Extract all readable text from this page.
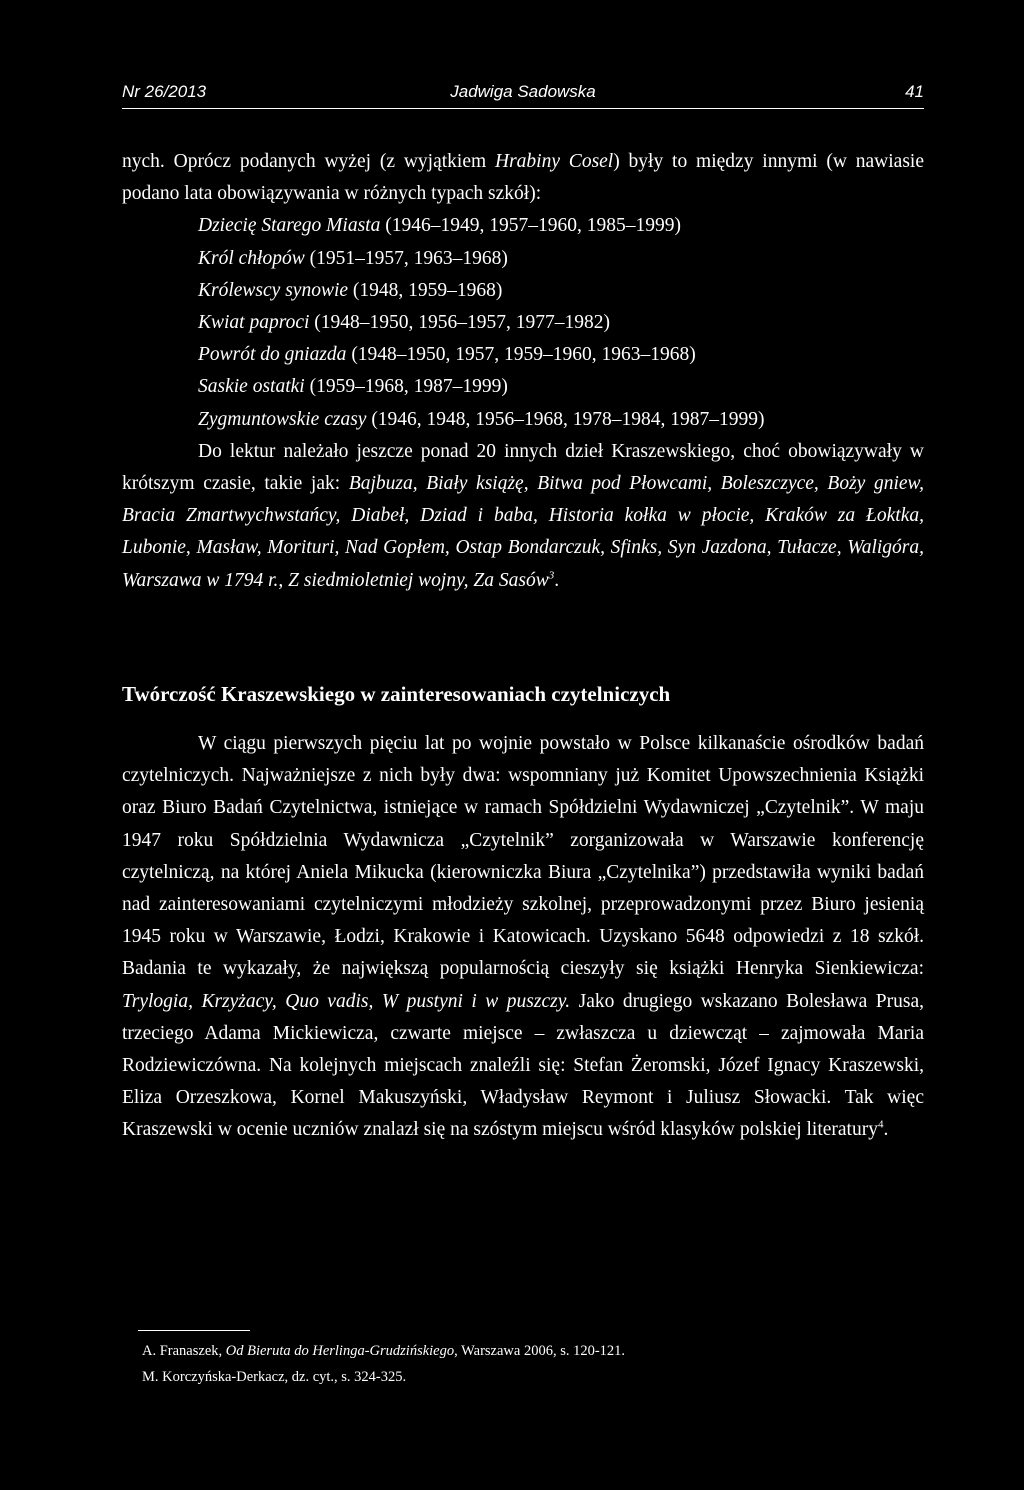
Nr 26/2013	Jadwiga Sadowska	41

nych. Oprócz podanych wyżej (z wyjątkiem Hrabiny Cosel) były to między innymi (w nawiasie podano lata obowiązywania w różnych typach szkół):

Dziecię Starego Miasta (1946–1949, 1957–1960, 1985–1999)
Król chłopów (1951–1957, 1963–1968)
Królewscy synowie (1948, 1959–1968)
Kwiat paproci (1948–1950, 1956–1957, 1977–1982)
Powrót do gniazda (1948–1950, 1957, 1959–1960, 1963–1968)
Saskie ostatki (1959–1968, 1987–1999)
Zygmuntowskie czasy (1946, 1948, 1956–1968, 1978–1984, 1987–1999)

Do lektur należało jeszcze ponad 20 innych dzieł Kraszewskiego, choć obowiązywały w krótszym czasie, takie jak: Bajbuza, Biały książę, Bitwa pod Płowcami, Boleszczyce, Boży gniew, Bracia Zmartwychwstańcy, Diabeł, Dziad i baba, Historia kołka w płocie, Kraków za Łoktka, Lubonie, Masław, Morituri, Nad Gopłem, Ostap Bondarczuk, Sfinks, Syn Jazdona, Tułacze, Waligóra, Warszawa w 1794 r., Z siedmioletniej wojny, Za Sasów$^3$.

Twórczość Kraszewskiego w zainteresowaniach czytelniczych

W ciągu pierwszych pięciu lat po wojnie powstało w Polsce kilkanaście ośrodków badań czytelniczych. Najważniejsze z nich były dwa: wspomniany już Komitet Upowszechnienia Książki oraz Biuro Badań Czytelnictwa, istniejące w ramach Spółdzielni Wydawniczej „Czytelnik”. W maju 1947 roku Spółdzielnia Wydawnicza „Czytelnik” zorganizowała w Warszawie konferencję czytelniczą, na której Aniela Mikucka (kierowniczka Biura „Czytelnika”) przedstawiła wyniki badań nad zainteresowaniami czytelniczymi młodzieży szkolnej, przeprowadzonymi przez Biuro jesienią 1945 roku w Warszawie, Łodzi, Krakowie i Katowicach. Uzyskano 5648 odpowiedzi z 18 szkół. Badania te wykazały, że największą popularnością cieszyły się książki Henryka Sienkiewicza: Trylogia, Krzyżacy, Quo vadis, W pustyni i w puszczy. Jako drugiego wskazano Bolesława Prusa, trzeciego Adama Mickiewicza, czwarte miejsce – zwłaszcza u dziewcząt – zajmowała Maria Rodziewiczówna. Na kolejnych miejscach znaleźli się: Stefan Żeromski, Józef Ignacy Kraszewski, Eliza Orzeszkowa, Kornel Makuszyński, Władysław Reymont i Juliusz Słowacki. Tak więc Kraszewski w ocenie uczniów znalazł się na szóstym miejscu wśród klasyków polskiej literatury$^4$.

A. Franaszek, Od Bieruta do Herlinga-Grudzińskiego, Warszawa 2006, s. 120-121.
M. Korczyńska-Derkacz, dz. cyt., s. 324-325.
